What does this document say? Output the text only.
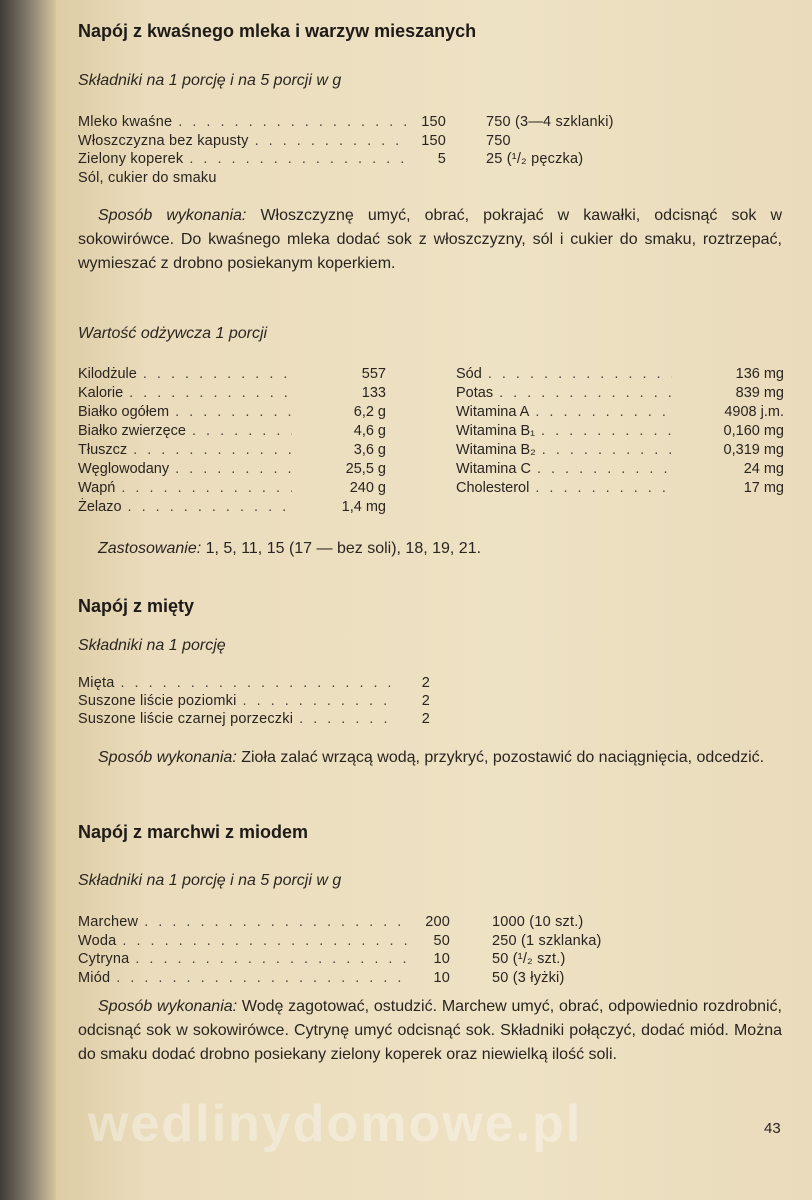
Napój z kwaśnego mleka i warzyw mieszanych

Składniki na 1 porcję i na 5 porcji w g

Mleko kwaśne . . .	150	750 (3—4 szklanki)
Włoszczyzna bez kapusty . . .	150	750
Zielony koperek . . .	5	25 (¹/₂ pęczka)
Sól, cukier do smaku

Sposób wykonania: Włoszczyznę umyć, obrać, pokrajać w kawałki, odcisnąć sok w sokowirówce. Do kwaśnego mleka dodać sok z włoszczyzny, sól i cukier do smaku, roztrzepać, wymieszać z drobno posiekanym koperkiem.

Wartość odżywcza 1 porcji

Kilodżule . . .	557
Kalorie . . .	133
Białko ogółem . . .	6,2 g
Białko zwierzęce . . .	4,6 g
Tłuszcz . . .	3,6 g
Węglowodany . . .	25,5 g
Wapń . . .	240 g
Żelazo . . .	1,4 mg
Sód . . .	136 mg
Potas . . .	839 mg
Witamina A . . .	4908 j.m.
Witamina B₁ . . .	0,160 mg
Witamina B₂ . . .	0,319 mg
Witamina C . . .	24 mg
Cholesterol . . .	17 mg

Zastosowanie: 1, 5, 11, 15 (17 — bez soli), 18, 19, 21.

Napój z mięty

Składniki na 1 porcję

Mięta . . .	2
Suszone liście poziomki . . .	2
Suszone liście czarnej porzeczki . . .	2

Sposób wykonania: Zioła zalać wrzącą wodą, przykryć, pozostawić do naciągnięcia, odcedzić.

Napój z marchwi z miodem

Składniki na 1 porcję i na 5 porcji w g

Marchew . . .	200	1000 (10 szt.)
Woda . . .	50	250 (1 szklanka)
Cytryna . . .	10	50 (¹/₂ szt.)
Miód . . .	10	50 (3 łyżki)

Sposób wykonania: Wodę zagotować, ostudzić. Marchew umyć, obrać, odpowiednio rozdrobnić, odcisnąć sok w sokowirówce. Cytrynę umyć odcisnąć sok. Składniki połączyć, dodać miód. Można do smaku dodać drobno posiekany zielony koperek oraz niewielką ilość soli.

wedlinydomowe.pl	43
